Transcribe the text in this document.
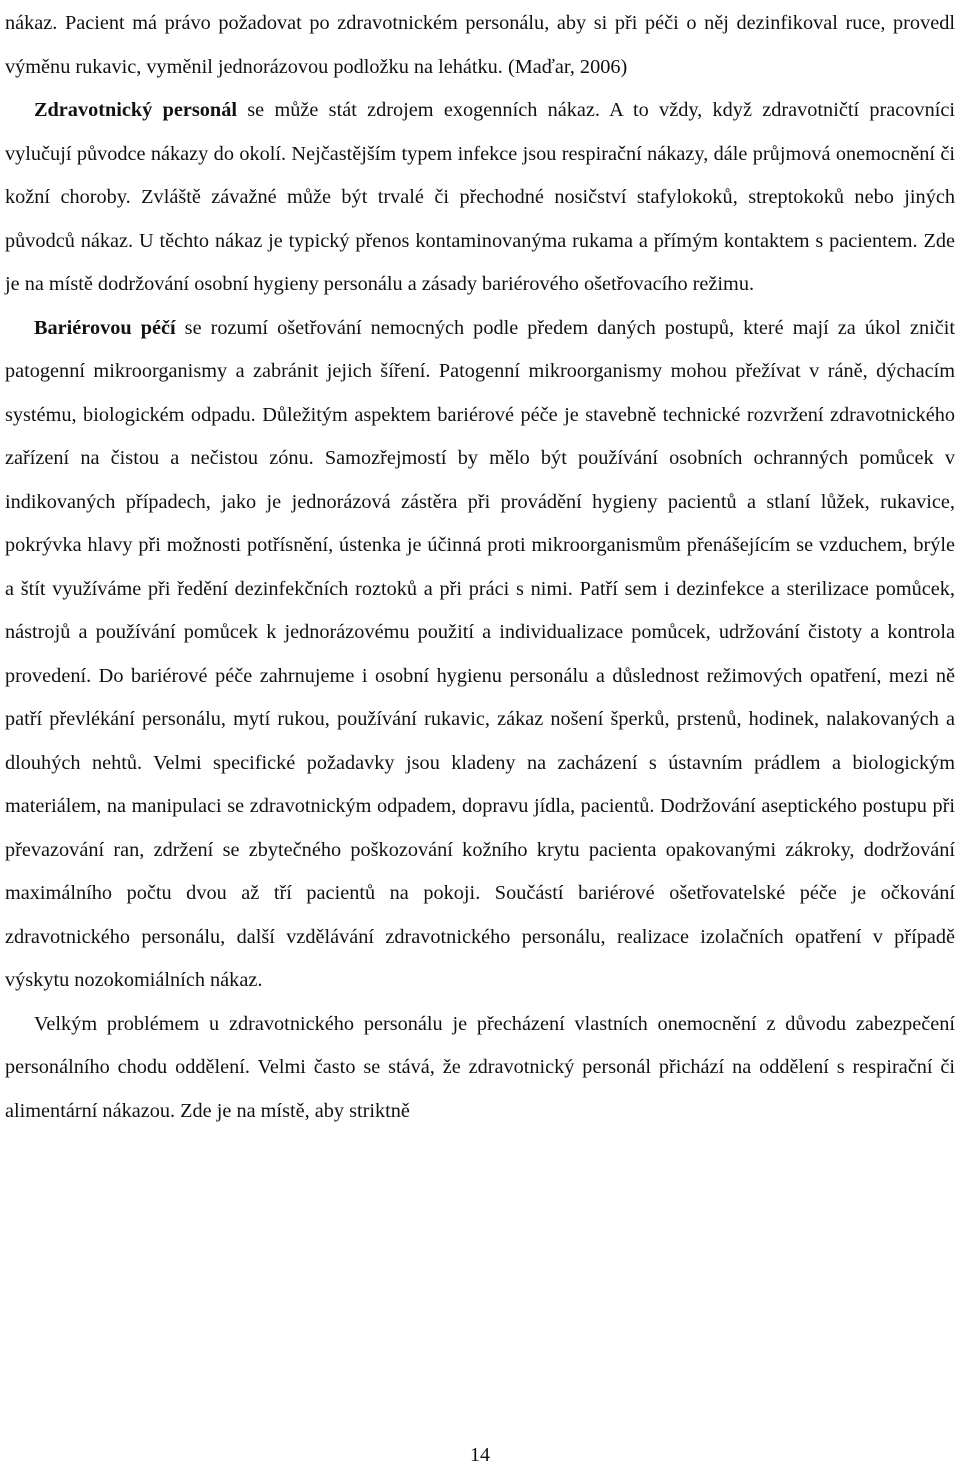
nákaz. Pacient má právo požadovat po zdravotnickém personálu, aby si při péči o něj dezinfikoval ruce, provedl výměnu rukavic, vyměnil jednorázovou podložku na lehátku. (Maďar, 2006)

Zdravotnický personál se může stát zdrojem exogenních nákaz. A to vždy, když zdravotničtí pracovníci vylučují původce nákazy do okolí. Nejčastějším typem infekce jsou respirační nákazy, dále průjmová onemocnění či kožní choroby. Zvláště závažné může být trvalé či přechodné nosičství stafylokoků, streptokoků nebo jiných původců nákaz. U těchto nákaz je typický přenos kontaminovanýma rukama a přímým kontaktem s pacientem. Zde je na místě dodržování osobní hygieny personálu a zásady bariérového ošetřovacího režimu.

Bariérovou péčí se rozumí ošetřování nemocných podle předem daných postupů, které mají za úkol zničit patogenní mikroorganismy a zabránit jejich šíření. Patogenní mikroorganismy mohou přežívat v ráně, dýchacím systému, biologickém odpadu. Důležitým aspektem bariérové péče je stavebně technické rozvržení zdravotnického zařízení na čistou a nečistou zónu. Samozřejmostí by mělo být používání osobních ochranných pomůcek v indikovaných případech, jako je jednorázová zástěra při provádění hygieny pacientů a stlaní lůžek, rukavice, pokrývka hlavy při možnosti potřísnění, ústenka je účinná proti mikroorganismům přenášejícím se vzduchem, brýle a štít využíváme při ředění dezinfekčních roztoků a při práci s nimi. Patří sem i dezinfekce a sterilizace pomůcek, nástrojů a používání pomůcek k jednorázovému použití a individualizace pomůcek, udržování čistoty a kontrola provedení. Do bariérové péče zahrnujeme i osobní hygienu personálu a důslednost režimových opatření, mezi ně patří převlékání personálu, mytí rukou, používání rukavic, zákaz nošení šperků, prstenů, hodinek, nalakovaných a dlouhých nehtů. Velmi specifické požadavky jsou kladeny na zacházení s ústavním prádlem a biologickým materiálem, na manipulaci se zdravotnickým odpadem, dopravu jídla, pacientů. Dodržování aseptického postupu při převazování ran, zdržení se zbytečného poškozování kožního krytu pacienta opakovanými zákroky, dodržování maximálního počtu dvou až tří pacientů na pokoji. Součástí bariérové ošetřovatelské péče je očkování zdravotnického personálu, další vzdělávání zdravotnického personálu, realizace izolačních opatření v případě výskytu nozokomiálních nákaz.

Velkým problémem u zdravotnického personálu je přecházení vlastních onemocnění z důvodu zabezpečení personálního chodu oddělení. Velmi často se stává, že zdravotnický personál přichází na oddělení s respirační či alimentární nákazou. Zde je na místě, aby striktně

14
